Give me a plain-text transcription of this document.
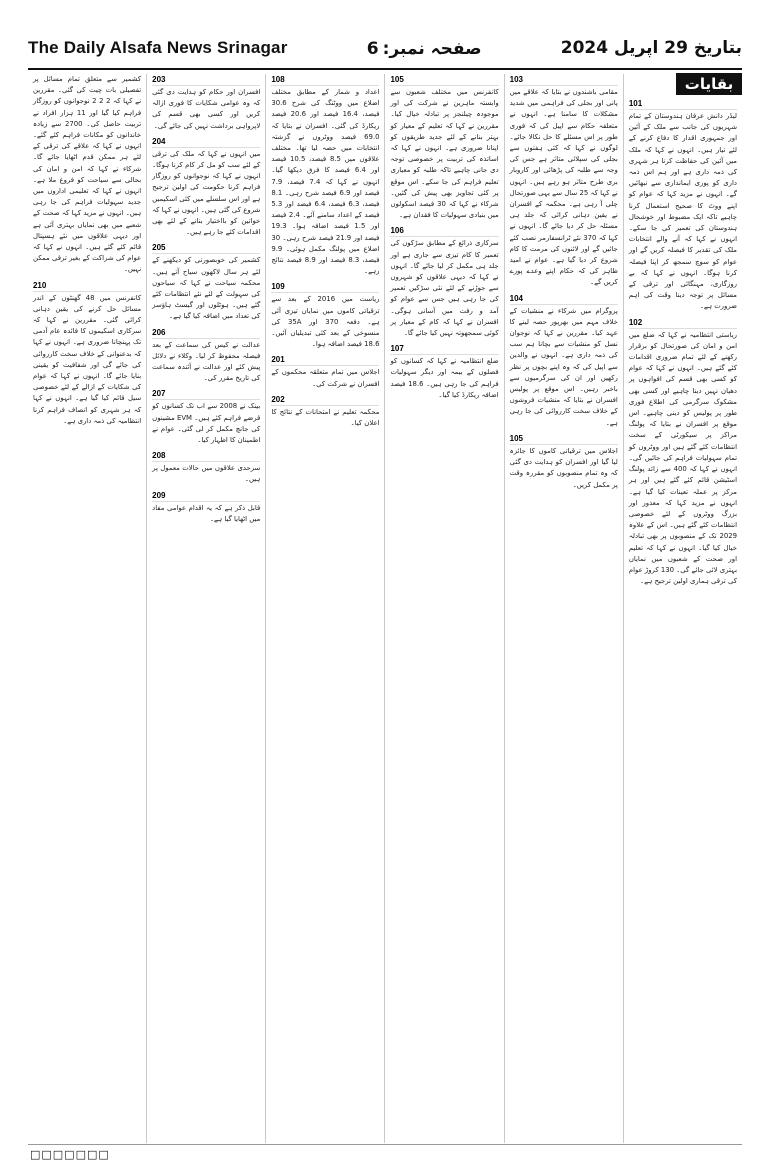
The Daily Alsafa News Srinagar	صفحہ نمبر:6	بتاریخ 29 اپریل 2024
101
لیڈر دانش عرفان ہندوستان کے تمام شہریوں کی جانب سے ملک کے آئین اور جمہوری اقدار کا دفاع کرنے کے لئے تیار ہیں۔ انہوں نے کہا کہ ملک میں آئین کی حفاظت کرنا ہر شہری کی ذمہ داری ہے اور ہم اس ذمہ داری کو پوری ایمانداری سے نبھائیں گے۔ انہوں نے مزید کہا کہ عوام کو اپنے ووٹ کا صحیح استعمال کرنا چاہیے تاکہ ایک مضبوط اور خوشحال ہندوستان کی تعمیر کی جا سکے۔ انہوں نے کہا کہ آنے والے انتخابات ملک کی تقدیر کا فیصلہ کریں گے اور عوام کو سوچ سمجھ کر اپنا فیصلہ کرنا ہوگا۔ انہوں نے کہا کہ بے روزگاری، مہنگائی اور ترقی کے مسائل پر توجہ دینا وقت کی اہم ضرورت ہے۔
102
ریاستی انتظامیہ نے کہا کہ ضلع میں امن و امان کی صورتحال کو برقرار رکھنے کے لئے تمام ضروری اقدامات کئے گئے ہیں۔ انہوں نے کہا کہ عوام کو کسی بھی قسم کی افواہوں پر دھیان نہیں دینا چاہیے اور کسی بھی مشکوک سرگرمی کی اطلاع فوری طور پر پولیس کو دینی چاہیے۔ اس موقع پر افسران نے بتایا کہ پولنگ مراکز پر سیکورٹی کے سخت انتظامات کئے گئے ہیں اور ووٹروں کو تمام سہولیات فراہم کی جائیں گی۔ انہوں نے کہا کہ 400 سے زائد پولنگ اسٹیشن قائم کئے گئے ہیں اور ہر مرکز پر عملہ تعینات کیا گیا ہے۔ انہوں نے مزید کہا کہ معذور اور بزرگ ووٹروں کے لئے خصوصی انتظامات کئے گئے ہیں۔ اس کے علاوہ 2029 تک کے منصوبوں پر بھی تبادلہ خیال کیا گیا۔ انہوں نے کہا کہ تعلیم اور صحت کے شعبوں میں نمایاں بہتری لائی جائے گی۔ 130 کروڑ عوام کی ترقی ہماری اولین ترجیح ہے۔
103
مقامی باشندوں نے بتایا کہ علاقے میں پانی اور بجلی کی فراہمی میں شدید مشکلات کا سامنا ہے۔ انہوں نے متعلقہ حکام سے اپیل کی کہ فوری طور پر اس مسئلے کا حل نکالا جائے۔ لوگوں نے کہا کہ کئی ہفتوں سے بجلی کی سپلائی متاثر ہے جس کی وجہ سے طلبہ کی پڑھائی اور کاروبار بری طرح متاثر ہو رہے ہیں۔ انہوں نے کہا کہ 25 سال سے یہی صورتحال چلی آ رہی ہے۔ محکمہ کے افسران نے یقین دہانی کرائی کہ جلد ہی مسئلہ حل کر دیا جائے گا۔ انہوں نے کہا کہ 370 نئے ٹرانسفارمر نصب کئے جائیں گے اور لائنوں کی مرمت کا کام شروع کر دیا گیا ہے۔ عوام نے امید ظاہر کی کہ حکام اپنے وعدے پورے کریں گے۔
104
پروگرام میں شرکاء نے منشیات کے خلاف مہم میں بھرپور حصہ لینے کا عہد کیا۔ مقررین نے کہا کہ نوجوان نسل کو منشیات سے بچانا ہم سب کی ذمہ داری ہے۔ انہوں نے والدین سے اپیل کی کہ وہ اپنے بچوں پر نظر رکھیں اور ان کی سرگرمیوں سے باخبر رہیں۔ اس موقع پر پولیس افسران نے بتایا کہ منشیات فروشوں کے خلاف سخت کارروائی کی جا رہی ہے۔
105
اجلاس میں ترقیاتی کاموں کا جائزہ لیا گیا اور افسران کو ہدایت دی گئی کہ وہ تمام منصوبوں کو مقررہ وقت پر مکمل کریں۔
105
کانفرنس میں مختلف شعبوں سے وابستہ ماہرین نے شرکت کی اور موجودہ چیلنجز پر تبادلہ خیال کیا۔ مقررین نے کہا کہ تعلیم کے معیار کو بہتر بنانے کے لئے جدید طریقوں کو اپنانا ضروری ہے۔ انہوں نے کہا کہ اساتذہ کی تربیت پر خصوصی توجہ دی جانی چاہیے تاکہ طلبہ کو معیاری تعلیم فراہم کی جا سکے۔ اس موقع پر کئی تجاویز بھی پیش کی گئیں۔ شرکاء نے کہا کہ 30 فیصد اسکولوں میں بنیادی سہولیات کا فقدان ہے۔
106
سرکاری ذرائع کے مطابق سڑکوں کی تعمیر کا کام تیزی سے جاری ہے اور جلد ہی مکمل کر لیا جائے گا۔ انہوں نے کہا کہ دیہی علاقوں کو شہروں سے جوڑنے کے لئے نئی سڑکیں تعمیر کی جا رہی ہیں جس سے عوام کو آمد و رفت میں آسانی ہوگی۔ افسران نے کہا کہ کام کے معیار پر کوئی سمجھوتہ نہیں کیا جائے گا۔
107
ضلع انتظامیہ نے کہا کہ کسانوں کو فصلوں کے بیمہ اور دیگر سہولیات فراہم کی جا رہی ہیں۔ 18.6 فیصد اضافہ ریکارڈ کیا گیا۔
108
اعداد و شمار کے مطابق مختلف اضلاع میں ووٹنگ کی شرح 30.6 فیصد، 16.4 فیصد اور 20.6 فیصد ریکارڈ کی گئی۔ افسران نے بتایا کہ 69.0 فیصد ووٹروں نے گزشتہ انتخابات میں حصہ لیا تھا۔ مختلف علاقوں میں 8.5 فیصد، 10.5 فیصد اور 6.4 فیصد کا فرق دیکھا گیا۔ انہوں نے کہا کہ 7.4 فیصد، 7.9 فیصد اور 6.9 فیصد شرح رہی۔ 8.1 فیصد، 6.3 فیصد، 6.4 فیصد اور 5.3 فیصد کے اعداد سامنے آئے۔ 2.4 فیصد اور 1.5 فیصد اضافہ ہوا۔ 19.3 فیصد اور 21.9 فیصد شرح رہی۔ 30 اضلاع میں پولنگ مکمل ہوئی۔ 9.9 فیصد، 8.3 فیصد اور 8.9 فیصد نتائج رہے۔
109
ریاست میں 2016 کے بعد سے ترقیاتی کاموں میں نمایاں تیزی آئی ہے۔ دفعہ 370 اور 35A کی منسوخی کے بعد کئی تبدیلیاں آئیں۔ 18.6 فیصد اضافہ ہوا۔
201
اجلاس میں تمام متعلقہ محکموں کے افسران نے شرکت کی۔
202
محکمہ تعلیم نے امتحانات کے نتائج کا اعلان کیا۔
203
افسران اور حکام کو ہدایت دی گئی کہ وہ عوامی شکایات کا فوری ازالہ کریں اور کسی بھی قسم کی لاپرواہی برداشت نہیں کی جائے گی۔
204
میں انہوں نے کہا کہ ملک کی ترقی کے لئے سب کو مل کر کام کرنا ہوگا۔ انہوں نے کہا کہ نوجوانوں کو روزگار فراہم کرنا حکومت کی اولین ترجیح ہے اور اس سلسلے میں کئی اسکیمیں شروع کی گئی ہیں۔ انہوں نے کہا کہ خواتین کو بااختیار بنانے کے لئے بھی اقدامات کئے جا رہے ہیں۔
205
کشمیر کی خوبصورتی کو دیکھنے کے لئے ہر سال لاکھوں سیاح آتے ہیں۔ محکمہ سیاحت نے کہا کہ سیاحوں کی سہولت کے لئے نئے انتظامات کئے گئے ہیں۔ ہوٹلوں اور گیسٹ ہاؤسز کی تعداد میں اضافہ کیا گیا ہے۔
206
عدالت نے کیس کی سماعت کے بعد فیصلہ محفوظ کر لیا۔ وکلاء نے دلائل پیش کئے اور عدالت نے آئندہ سماعت کی تاریخ مقرر کی۔
207
بینک نے 2008 سے اب تک کسانوں کو قرضے فراہم کئے ہیں۔ EVM مشینوں کی جانچ مکمل کر لی گئی۔ عوام نے اطمینان کا اظہار کیا۔
208
سرحدی علاقوں میں حالات معمول پر ہیں۔
209
قابل ذکر ہے کہ یہ اقدام عوامی مفاد میں اٹھایا گیا ہے۔
کشمیر سے متعلق تمام مسائل پر تفصیلی بات چیت کی گئی۔ مقررین نے کہا کہ 2 2 2 نوجوانوں کو روزگار فراہم کیا گیا اور 11 ہزار افراد نے تربیت حاصل کی۔ 2700 سے زیادہ خاندانوں کو مکانات فراہم کئے گئے۔ انہوں نے کہا کہ علاقے کی ترقی کے لئے ہر ممکن قدم اٹھایا جائے گا۔ شرکاء نے کہا کہ امن و امان کی بحالی سے سیاحت کو فروغ ملا ہے۔ انہوں نے کہا کہ تعلیمی اداروں میں جدید سہولیات فراہم کی جا رہی ہیں۔ انہوں نے مزید کہا کہ صحت کے شعبے میں بھی نمایاں بہتری آئی ہے اور دیہی علاقوں میں نئے ہسپتال قائم کئے گئے ہیں۔ انہوں نے کہا کہ عوام کی شراکت کے بغیر ترقی ممکن نہیں۔
210
کانفرنس میں 48 گھنٹوں کے اندر مسائل حل کرنے کی یقین دہانی کرائی گئی۔ مقررین نے کہا کہ سرکاری اسکیموں کا فائدہ عام آدمی تک پہنچانا ضروری ہے۔ انہوں نے کہا کہ بدعنوانی کے خلاف سخت کارروائی کی جائے گی اور شفافیت کو یقینی بنایا جائے گا۔ انہوں نے کہا کہ عوام کی شکایات کے ازالے کے لئے خصوصی سیل قائم کیا گیا ہے۔ انہوں نے کہا کہ ہر شہری کو انصاف فراہم کرنا انتظامیہ کی ذمہ داری ہے۔
بقایات
□□□□□□□
